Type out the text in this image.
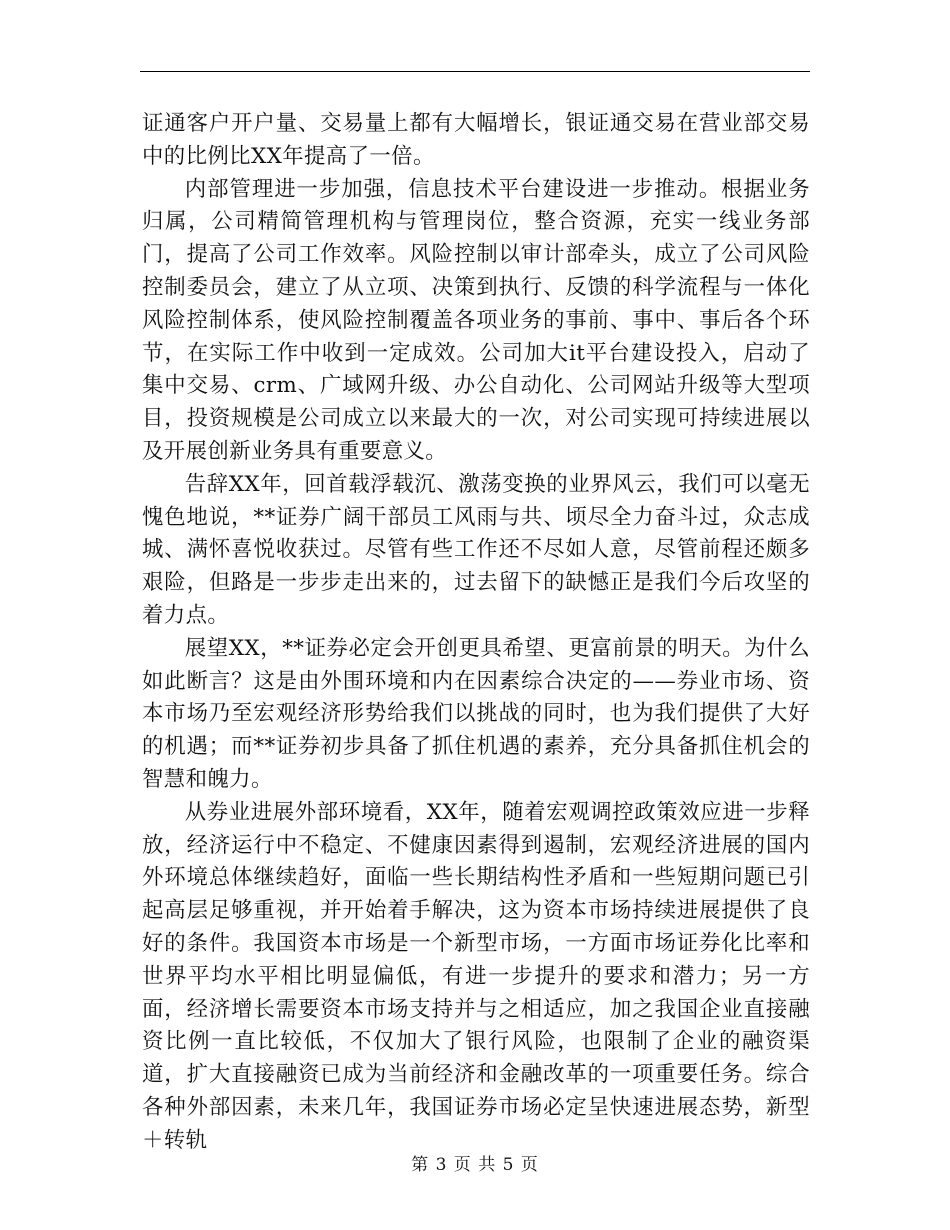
证通客户开户量、交易量上都有大幅增长，银证通交易在营业部交易中的比例比XX年提高了一倍。

内部管理进一步加强，信息技术平台建设进一步推动。根据业务归属，公司精简管理机构与管理岗位，整合资源，充实一线业务部门，提高了公司工作效率。风险控制以审计部牵头，成立了公司风险控制委员会，建立了从立项、决策到执行、反馈的科学流程与一体化风险控制体系，使风险控制覆盖各项业务的事前、事中、事后各个环节，在实际工作中收到一定成效。公司加大it平台建设投入，启动了集中交易、crm、广域网升级、办公自动化、公司网站升级等大型项目，投资规模是公司成立以来最大的一次，对公司实现可持续进展以及开展创新业务具有重要意义。

告辞XX年，回首载浮载沉、激荡变换的业界风云，我们可以毫无愧色地说，**证券广阔干部员工风雨与共、顷尽全力奋斗过，众志成城、满怀喜悦收获过。尽管有些工作还不尽如人意，尽管前程还颇多艰险，但路是一步步走出来的，过去留下的缺憾正是我们今后攻坚的着力点。

展望XX，**证券必定会开创更具希望、更富前景的明天。为什么如此断言？这是由外围环境和内在因素综合决定的——券业市场、资本市场乃至宏观经济形势给我们以挑战的同时，也为我们提供了大好的机遇；而**证券初步具备了抓住机遇的素养，充分具备抓住机会的智慧和魄力。

从券业进展外部环境看，XX年，随着宏观调控政策效应进一步释放，经济运行中不稳定、不健康因素得到遏制，宏观经济进展的国内外环境总体继续趋好，面临一些长期结构性矛盾和一些短期问题已引起高层足够重视，并开始着手解决，这为资本市场持续进展提供了良好的条件。我国资本市场是一个新型市场，一方面市场证券化比率和世界平均水平相比明显偏低，有进一步提升的要求和潜力；另一方面，经济增长需要资本市场支持并与之相适应，加之我国企业直接融资比例一直比较低，不仅加大了银行风险，也限制了企业的融资渠道，扩大直接融资已成为当前经济和金融改革的一项重要任务。综合各种外部因素，未来几年，我国证券市场必定呈快速进展态势，新型＋转轨

第 3 页 共 5 页
